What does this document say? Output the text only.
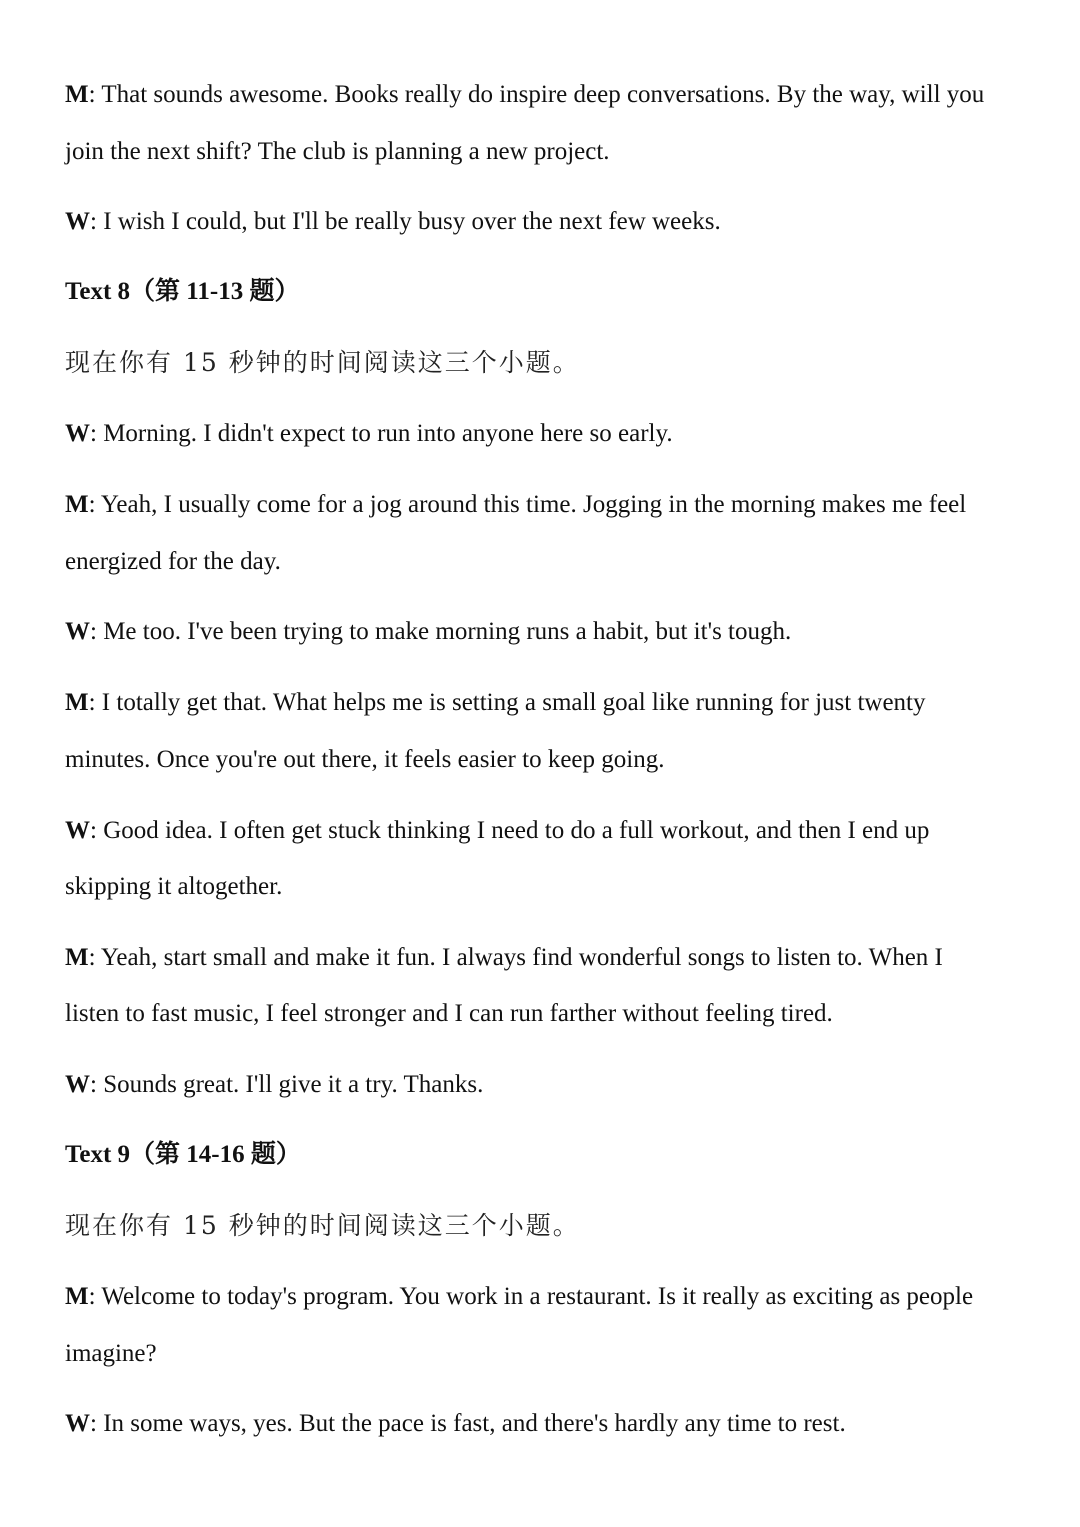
M: That sounds awesome. Books really do inspire deep conversations. By the way, will you
join the next shift? The club is planning a new project.
W: I wish I could, but I'll be really busy over the next few weeks.
Text 8（第 11-13 题）
现在你有 15 秒钟的时间阅读这三个小题。
W: Morning. I didn't expect to run into anyone here so early.
M: Yeah, I usually come for a jog around this time. Jogging in the morning makes me feel
energized for the day.
W: Me too. I've been trying to make morning runs a habit, but it's tough.
M: I totally get that. What helps me is setting a small goal like running for just twenty
minutes. Once you're out there, it feels easier to keep going.
W: Good idea. I often get stuck thinking I need to do a full workout, and then I end up
skipping it altogether.
M: Yeah, start small and make it fun. I always find wonderful songs to listen to. When I
listen to fast music, I feel stronger and I can run farther without feeling tired.
W: Sounds great. I'll give it a try. Thanks.
Text 9（第 14-16 题）
现在你有 15 秒钟的时间阅读这三个小题。
M: Welcome to today's program. You work in a restaurant. Is it really as exciting as people
imagine?
W: In some ways, yes. But the pace is fast, and there's hardly any time to rest.
